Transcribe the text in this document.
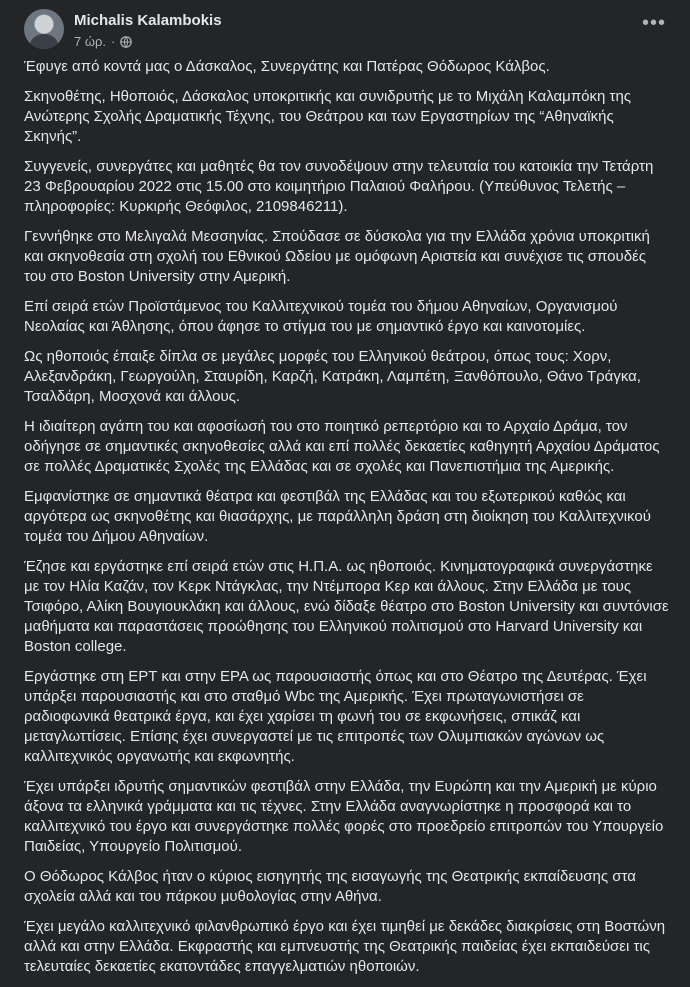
Michalis Kalambokis
7 ώρ. ·
•••

Έφυγε από κοντά μας ο Δάσκαλος, Συνεργάτης και Πατέρας Θόδωρος Κάλβος.

Σκηνοθέτης, Ηθοποιός, Δάσκαλος υποκριτικής και συνιδρυτής με το Μιχάλη Καλαμπόκη της Ανώτερης Σχολής Δραματικής Τέχνης, του Θεάτρου και των Εργαστηρίων της “Αθηναϊκής Σκηνής”.

Συγγενείς, συνεργάτες και μαθητές θα τον συνοδέψουν στην τελευταία του κατοικία την Τετάρτη 23 Φεβρουαρίου 2022 στις 15.00 στο κοιμητήριο Παλαιού Φαλήρου. (Υπεύθυνος Τελετής – πληροφορίες: Κυρκιρής Θεόφιλος, 2109846211).

Γεννήθηκε στο Μελιγαλά Μεσσηνίας. Σπούδασε σε δύσκολα για την Ελλάδα χρόνια υποκριτική και σκηνοθεσία στη σχολή του Εθνικού Ωδείου με ομόφωνη Αριστεία και συνέχισε τις σπουδές του στο Boston University στην Αμερική.

Επί σειρά ετών Προϊστάμενος του Καλλιτεχνικού τομέα του δήμου Αθηναίων, Οργανισμού Νεολαίας και Άθλησης, όπου άφησε το στίγμα του με σημαντικό έργο και καινοτομίες.

Ως ηθοποιός έπαιξε δίπλα σε μεγάλες μορφές του Ελληνικού θεάτρου, όπως τους: Χορν, Αλεξανδράκη, Γεωργούλη, Σταυρίδη, Καρζή, Κατράκη, Λαμπέτη, Ξανθόπουλο, Θάνο Τράγκα, Τσαλδάρη, Μοσχονά και άλλους.

Η ιδιαίτερη αγάπη του και αφοσίωσή του στο ποιητικό ρεπερτόριο και το Αρχαίο Δράμα, τον οδήγησε σε σημαντικές σκηνοθεσίες αλλά και επί πολλές δεκαετίες καθηγητή Αρχαίου Δράματος σε πολλές Δραματικές Σχολές της Ελλάδας και σε σχολές και Πανεπιστήμια της Αμερικής.

Εμφανίστηκε σε σημαντικά θέατρα και φεστιβάλ της Ελλάδας και του εξωτερικού καθώς και αργότερα ως σκηνοθέτης και θιασάρχης, με παράλληλη δράση στη διοίκηση του Καλλιτεχνικού τομέα του Δήμου Αθηναίων.

Έζησε και εργάστηκε επί σειρά ετών στις Η.Π.Α. ως ηθοποιός. Κινηματογραφικά συνεργάστηκε με τον Ηλία Καζάν, τον Κερκ Ντάγκλας, την Ντέμπορα Κερ και άλλους. Στην Ελλάδα με τους Τσιφόρο, Αλίκη Βουγιουκλάκη και άλλους, ενώ δίδαξε θέατρο στο Boston University και συντόνισε μαθήματα και παραστάσεις προώθησης του Ελληνικού πολιτισμού στο Harvard University και Boston college.

Εργάστηκε στη ΕΡΤ και στην ΕΡΑ ως παρουσιαστής όπως και στο Θέατρο της Δευτέρας. Έχει υπάρξει παρουσιαστής και στο σταθμό Wbc της Αμερικής. Έχει πρωταγωνιστήσει σε ραδιοφωνικά θεατρικά έργα, και έχει χαρίσει τη φωνή του σε εκφωνήσεις, σπικάζ και μεταγλωττίσεις. Επίσης έχει συνεργαστεί με τις επιτροπές των Ολυμπιακών αγώνων ως καλλιτεχνικός οργανωτής και εκφωνητής.

Έχει υπάρξει ιδρυτής σημαντικών φεστιβάλ στην Ελλάδα, την Ευρώπη και την Αμερική με κύριο άξονα τα ελληνικά γράμματα και τις τέχνες. Στην Ελλάδα αναγνωρίστηκε η προσφορά και το καλλιτεχνικό του έργο και συνεργάστηκε πολλές φορές στο προεδρείο επιτροπών του Υπουργείο Παιδείας, Υπουργείο Πολιτισμού.

Ο Θόδωρος Κάλβος ήταν ο κύριος εισηγητής της εισαγωγής της Θεατρικής εκπαίδευσης στα σχολεία αλλά και του πάρκου μυθολογίας στην Αθήνα.

Έχει μεγάλο καλλιτεχνικό φιλανθρωπικό έργο και έχει τιμηθεί με δεκάδες διακρίσεις στη Βοστώνη αλλά και στην Ελλάδα. Εκφραστής και εμπνευστής της Θεατρικής παιδείας έχει εκπαιδεύσει τις τελευταίες δεκαετίες εκατοντάδες επαγγελματιών ηθοποιών.
